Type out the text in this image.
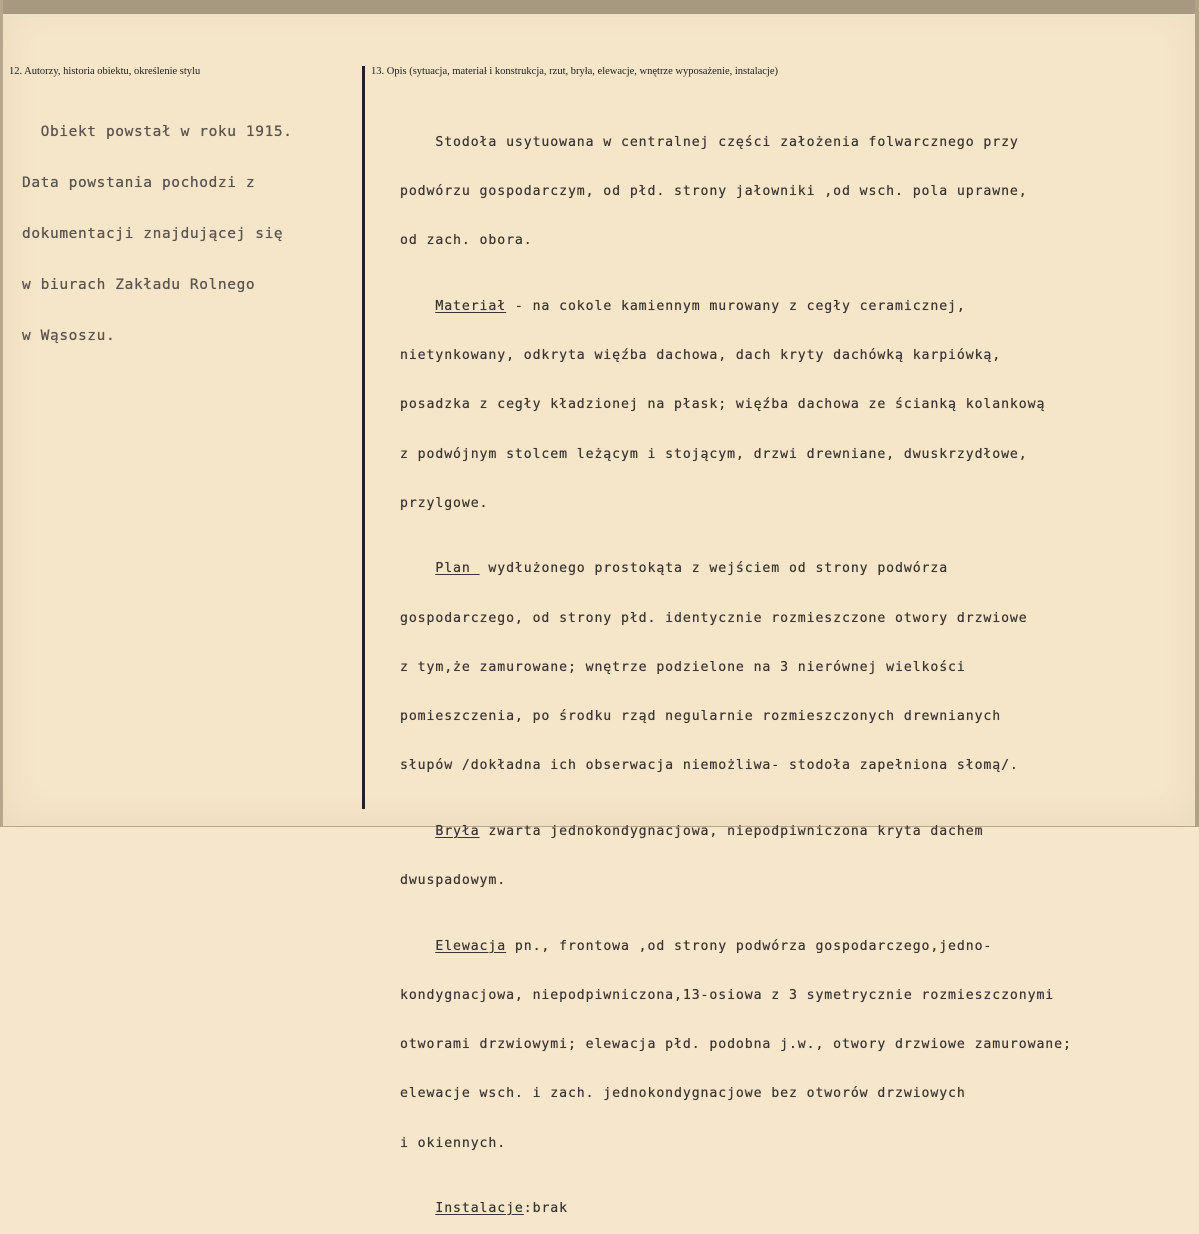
12. Autorzy, historia obiektu, określenie stylu	13. Opis (sytuacja, materiał i konstrukcja, rzut, bryła, elewacje, wnętrze wyposażenie, instalacje)

Obiekt powstał w roku 1915.

Data powstania pochodzi z

dokumentacji znajdującej się

w biurach Zakładu Rolnego

w Wąsoszu.

Stodoła usytuowana w centralnej części założenia folwarcznego przy

podwórzu gospodarczym, od płd. strony jałowniki ,od wsch. pola uprawne,

od zach. obora.

Materiał - na cokole kamiennym murowany z cegły ceramicznej,

nietynkowany, odkryta więźba dachowa, dach kryty dachówką karpiówką,

posadzka z cegły kładzionej na płask; więźba dachowa ze ścianką kolankową

z podwójnym stolcem leżącym i stojącym, drzwi drewniane, dwuskrzydłowe,

przylgowe.

Plan  wydłużonego prostokąta z wejściem od strony podwórza

gospodarczego, od strony płd. identycznie rozmieszczone otwory drzwiowe

z tym,że zamurowane; wnętrze podzielone na 3 nierównej wielkości

pomieszczenia, po środku rząd negularnie rozmieszczonych drewnianych

słupów /dokładna ich obserwacja niemożliwa- stodoła zapełniona słomą/.

Bryła zwarta jednokondygnacjowa, niepodpiwniczona kryta dachem

dwuspadowym.

Elewacja pn., frontowa ,od strony podwórza gospodarczego,jedno-

kondygnacjowa, niepodpiwniczona,13-osiowa z 3 symetrycznie rozmieszczonymi

otworami drzwiowymi; elewacja płd. podobna j.w., otwory drzwiowe zamurowane;

elewacje wsch. i zach. jednokondygnacjowe bez otworów drzwiowych

i okiennych.

Instalacje:brak
